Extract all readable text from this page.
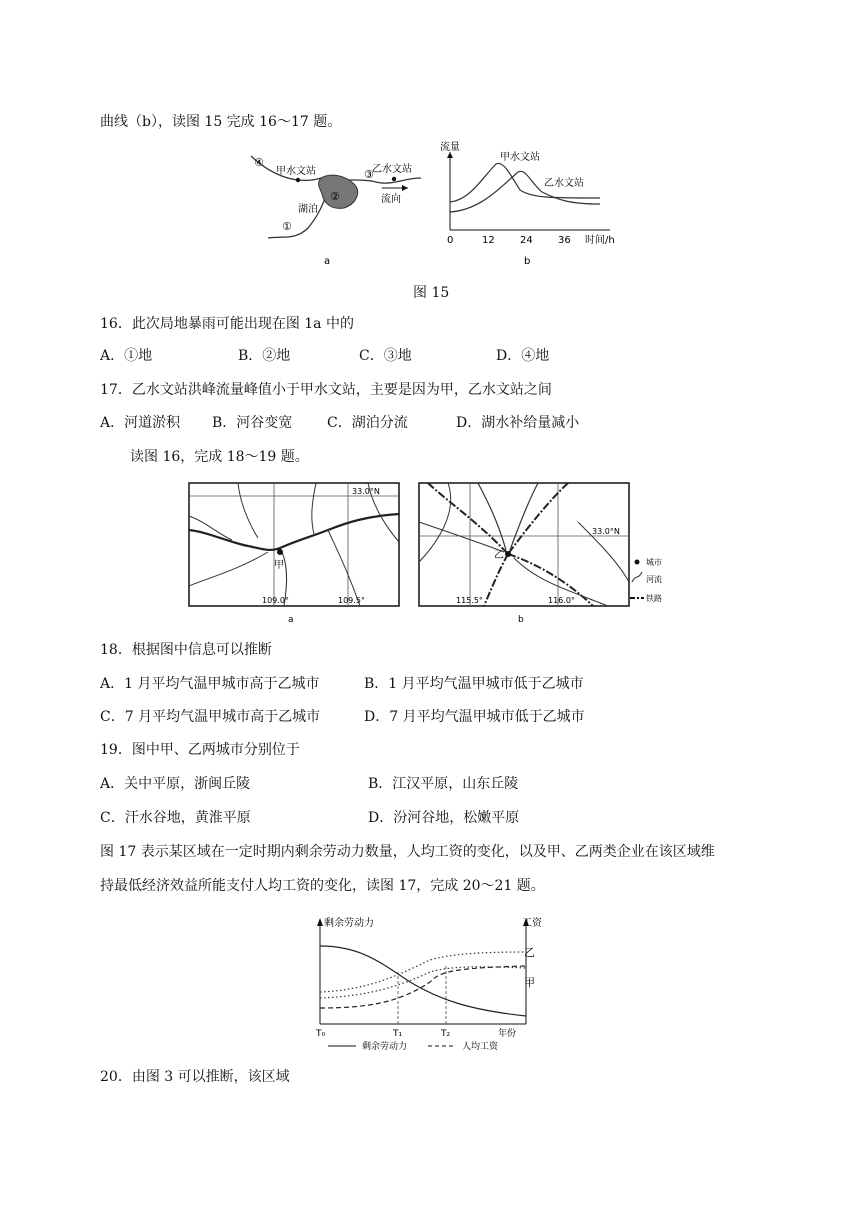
曲线（b），读图 15 完成 16～17 题。
甲水文站	乙水文站
湖泊
流向
①
②
③
④
a
流量
甲水文站
乙水文站
0	12	24	36 时间/h
b
图 15
16．此次局地暴雨可能出现在图 1a 中的
A．①地	B．②地	C．③地	D．④地
17．乙水文站洪峰流量峰值小于甲水文站，主要是因为甲，乙水文站之间
A．河道淤积 B．河谷变宽 C．湖泊分流	D．湖水补给量减小
读图 16，完成 18～19 题。
33.0°N
甲
109.0°	109.5°
a
33.0°N
乙
115.5°	116.0°
b
城市
河流
铁路
18．根据图中信息可以推断
A．1 月平均气温甲城市高于乙城市	B．1 月平均气温甲城市低于乙城市
C．7 月平均气温甲城市高于乙城市	D．7 月平均气温甲城市低于乙城市
19．图中甲、乙两城市分别位于
A．关中平原，浙闽丘陵	B．江汉平原，山东丘陵
C．汗水谷地，黄淮平原	D．汾河谷地，松嫩平原
图 17 表示某区域在一定时期内剩余劳动力数量，人均工资的变化，以及甲、乙两类企业在该区域维
持最低经济效益所能支付人均工资的变化，读图 17，完成 20～21 题。
剩余劳动力	工资
乙
甲
T₀	T₁	T₂	年份
剩余劳动力	人均工资
20．由图 3 可以推断，该区域
